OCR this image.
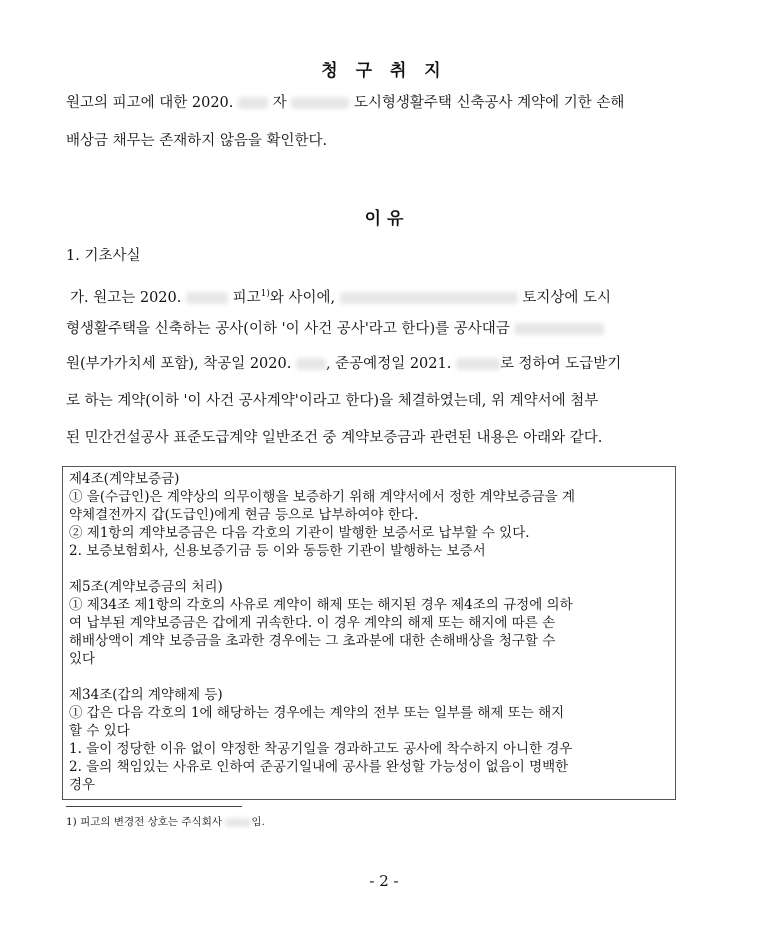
청 구 취 지
원고의 피고에 대한 2020.	자	도시형생활주택 신축공사 계약에 기한 손해
배상금 채무는 존재하지 않음을 확인한다.
이 유
1. 기초사실
가. 원고는 2020.	피고$^{1)}$와 사이에,	토지상에 도시
형생활주택을 신축하는 공사(이하 '이 사건 공사'라고 한다)를 공사대금
원(부가가치세 포함), 착공일 2020. , 준공예정일 2021.	로 정하여 도급받기
로 하는 계약(이하 '이 사건 공사계약'이라고 한다)을 체결하였는데, 위 계약서에 첨부
된 민간건설공사 표준도급계약 일반조건 중 계약보증금과 관련된 내용은 아래와 같다.
제4조(계약보증금)
① 을(수급인)은 계약상의 의무이행을 보증하기 위해 계약서에서 정한 계약보증금을 계
약체결전까지 갑(도급인)에게 현금 등으로 납부하여야 한다.
② 제1항의 계약보증금은 다음 각호의 기관이 발행한 보증서로 납부할 수 있다.
2. 보증보험회사, 신용보증기금 등 이와 동등한 기관이 발행하는 보증서
제5조(계약보증금의 처리)
① 제34조 제1항의 각호의 사유로 계약이 해제 또는 해지된 경우 제4조의 규정에 의하
여 납부된 계약보증금은 갑에게 귀속한다. 이 경우 계약의 해제 또는 해지에 따른 손
해배상액이 계약 보증금을 초과한 경우에는 그 초과분에 대한 손해배상을 청구할 수
있다
제34조(갑의 계약해제 등)
① 갑은 다음 각호의 1에 해당하는 경우에는 계약의 전부 또는 일부를 해제 또는 해지
할 수 있다
1. 을이 정당한 이유 없이 약정한 착공기일을 경과하고도 공사에 착수하지 아니한 경우
2. 을의 책임있는 사유로 인하여 준공기일내에 공사를 완성할 가능성이 없음이 명백한
경우
1) 피고의 변경전 상호는 주식회사	임.
- 2 -
